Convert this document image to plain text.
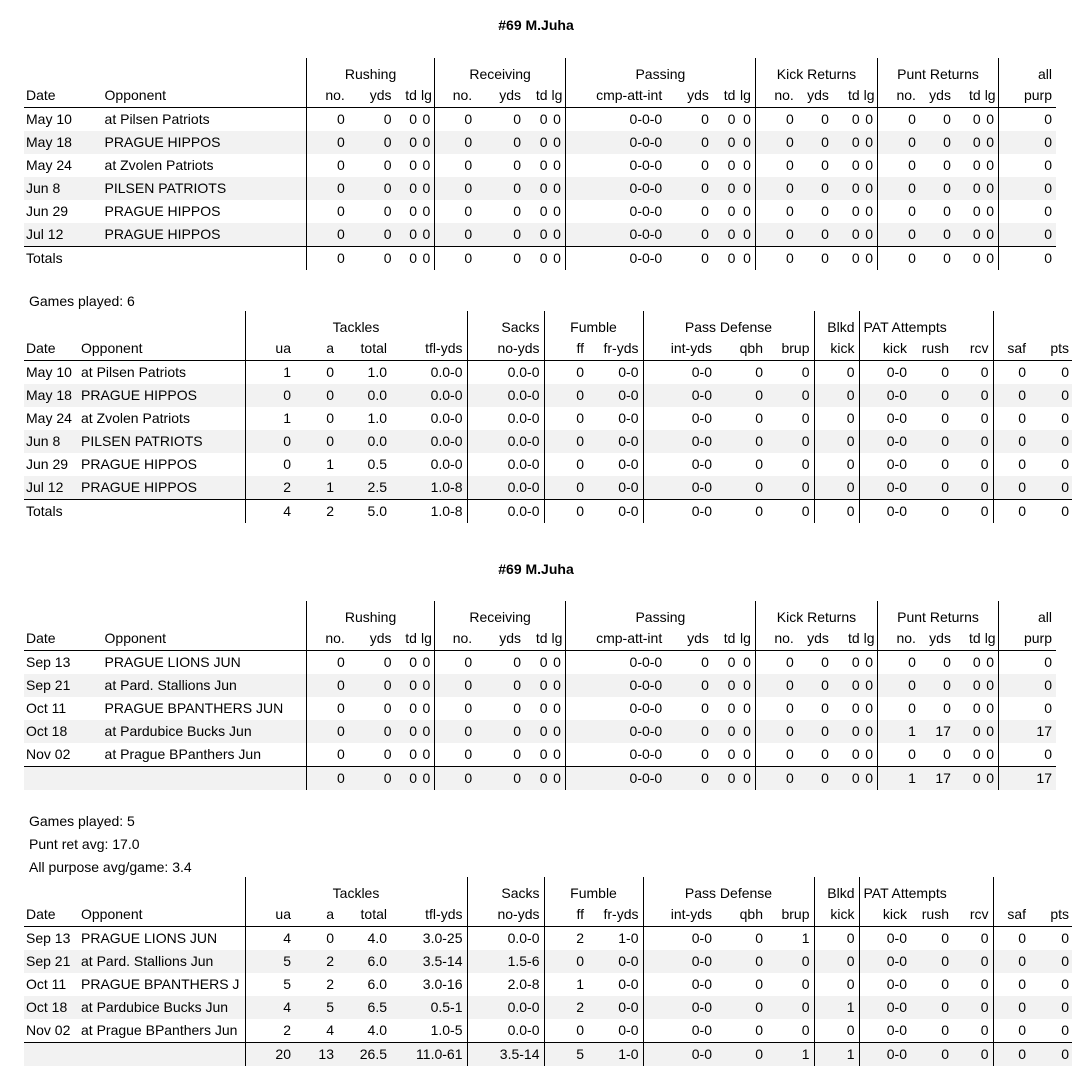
#69 M.Juha
		Rushing				Receiving				Passing				Kick Returns				Punt Returns				all
Date	Opponent	no.	yds	td	lg	no.	yds	td	lg	cmp-att-int	yds	td	lg	no.	yds	td	lg	no.	yds	td	lg	purp
May 10	at Pilsen Patriots	0	0	0	0	0	0	0	0	0-0-0	0	0	0	0	0	0	0	0	0	0	0	0
May 18	PRAGUE HIPPOS	0	0	0	0	0	0	0	0	0-0-0	0	0	0	0	0	0	0	0	0	0	0	0
May 24	at Zvolen Patriots	0	0	0	0	0	0	0	0	0-0-0	0	0	0	0	0	0	0	0	0	0	0	0
Jun 8	PILSEN PATRIOTS	0	0	0	0	0	0	0	0	0-0-0	0	0	0	0	0	0	0	0	0	0	0	0
Jun 29	PRAGUE HIPPOS	0	0	0	0	0	0	0	0	0-0-0	0	0	0	0	0	0	0	0	0	0	0	0
Jul 12	PRAGUE HIPPOS	0	0	0	0	0	0	0	0	0-0-0	0	0	0	0	0	0	0	0	0	0	0	0
Totals		0	0	0	0	0	0	0	0	0-0-0	0	0	0	0	0	0	0	0	0	0	0	0
Games played: 6
		Tackles				Sacks	Fumble		Pass Defense			Blkd	PAT Attempts				
Date	Opponent	ua	a	total	tfl-yds	no-yds	ff	fr-yds	int-yds	qbh	brup	kick	kick	rush	rcv	saf	pts
May 10	at Pilsen Patriots	1	0	1.0	0.0-0	0.0-0	0	0-0	0-0	0	0	0	0-0	0	0	0	0
May 18	PRAGUE HIPPOS	0	0	0.0	0.0-0	0.0-0	0	0-0	0-0	0	0	0	0-0	0	0	0	0
May 24	at Zvolen Patriots	1	0	1.0	0.0-0	0.0-0	0	0-0	0-0	0	0	0	0-0	0	0	0	0
Jun 8	PILSEN PATRIOTS	0	0	0.0	0.0-0	0.0-0	0	0-0	0-0	0	0	0	0-0	0	0	0	0
Jun 29	PRAGUE HIPPOS	0	1	0.5	0.0-0	0.0-0	0	0-0	0-0	0	0	0	0-0	0	0	0	0
Jul 12	PRAGUE HIPPOS	2	1	2.5	1.0-8	0.0-0	0	0-0	0-0	0	0	0	0-0	0	0	0	0
Totals		4	2	5.0	1.0-8	0.0-0	0	0-0	0-0	0	0	0	0-0	0	0	0	0
#69 M.Juha
		Rushing				Receiving				Passing				Kick Returns				Punt Returns				all
Date	Opponent	no.	yds	td	lg	no.	yds	td	lg	cmp-att-int	yds	td	lg	no.	yds	td	lg	no.	yds	td	lg	purp
Sep 13	PRAGUE LIONS JUN	0	0	0	0	0	0	0	0	0-0-0	0	0	0	0	0	0	0	0	0	0	0	0
Sep 21	at Pard. Stallions Jun	0	0	0	0	0	0	0	0	0-0-0	0	0	0	0	0	0	0	0	0	0	0	0
Oct 11	PRAGUE BPANTHERS JUN	0	0	0	0	0	0	0	0	0-0-0	0	0	0	0	0	0	0	0	0	0	0	0
Oct 18	at Pardubice Bucks Jun	0	0	0	0	0	0	0	0	0-0-0	0	0	0	0	0	0	0	1	17	0	0	17
Nov 02	at Prague BPanthers Jun	0	0	0	0	0	0	0	0	0-0-0	0	0	0	0	0	0	0	0	0	0	0	0
		0	0	0	0	0	0	0	0	0-0-0	0	0	0	0	0	0	0	1	17	0	0	17
Games played: 5
Punt ret avg: 17.0
All purpose avg/game: 3.4
		Tackles				Sacks	Fumble		Pass Defense			Blkd	PAT Attempts				
Date	Opponent	ua	a	total	tfl-yds	no-yds	ff	fr-yds	int-yds	qbh	brup	kick	kick	rush	rcv	saf	pts
Sep 13	PRAGUE LIONS JUN	4	0	4.0	3.0-25	0.0-0	2	1-0	0-0	0	1	0	0-0	0	0	0	0
Sep 21	at Pard. Stallions Jun	5	2	6.0	3.5-14	1.5-6	0	0-0	0-0	0	0	0	0-0	0	0	0	0
Oct 11	PRAGUE BPANTHERS J	5	2	6.0	3.0-16	2.0-8	1	0-0	0-0	0	0	0	0-0	0	0	0	0
Oct 18	at Pardubice Bucks Jun	4	5	6.5	0.5-1	0.0-0	2	0-0	0-0	0	0	1	0-0	0	0	0	0
Nov 02	at Prague BPanthers Jun	2	4	4.0	1.0-5	0.0-0	0	0-0	0-0	0	0	0	0-0	0	0	0	0
		20	13	26.5	11.0-61	3.5-14	5	1-0	0-0	0	1	1	0-0	0	0	0	0
